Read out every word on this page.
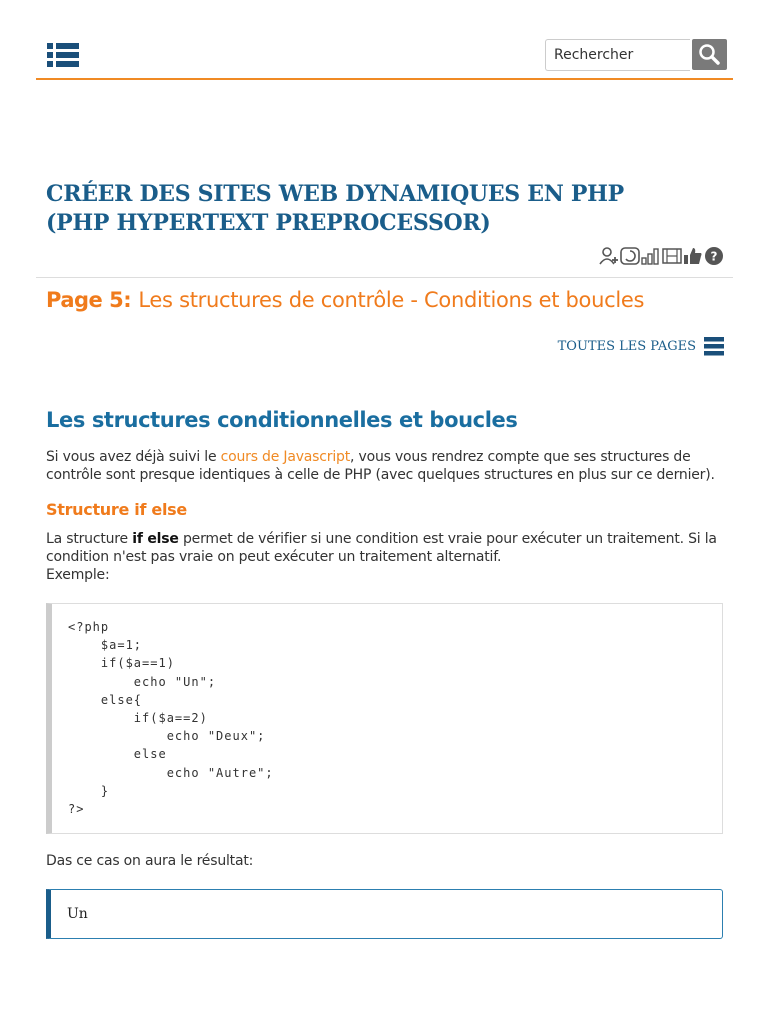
Rechercher
CRÉER DES SITES WEB DYNAMIQUES EN PHP (PHP HYPERTEXT PREPROCESSOR)
?
Page 5: Les structures de contrôle - Conditions et boucles
TOUTES LES PAGES
Les structures conditionnelles et boucles

Si vous avez déjà suivi le cours de Javascript, vous vous rendrez compte que ses structures de contrôle sont presque identiques à celle de PHP (avec quelques structures en plus sur ce dernier).

Structure if else

La structure if else permet de vérifier si une condition est vraie pour exécuter un traitement. Si la condition n'est pas vraie on peut exécuter un traitement alternatif.
Exemple:

<?php
$a=1;
if($a==1)
echo "Un";
else{
if($a==2)
echo "Deux";
else
echo "Autre";
}
?>

Das ce cas on aura le résultat:

Un
